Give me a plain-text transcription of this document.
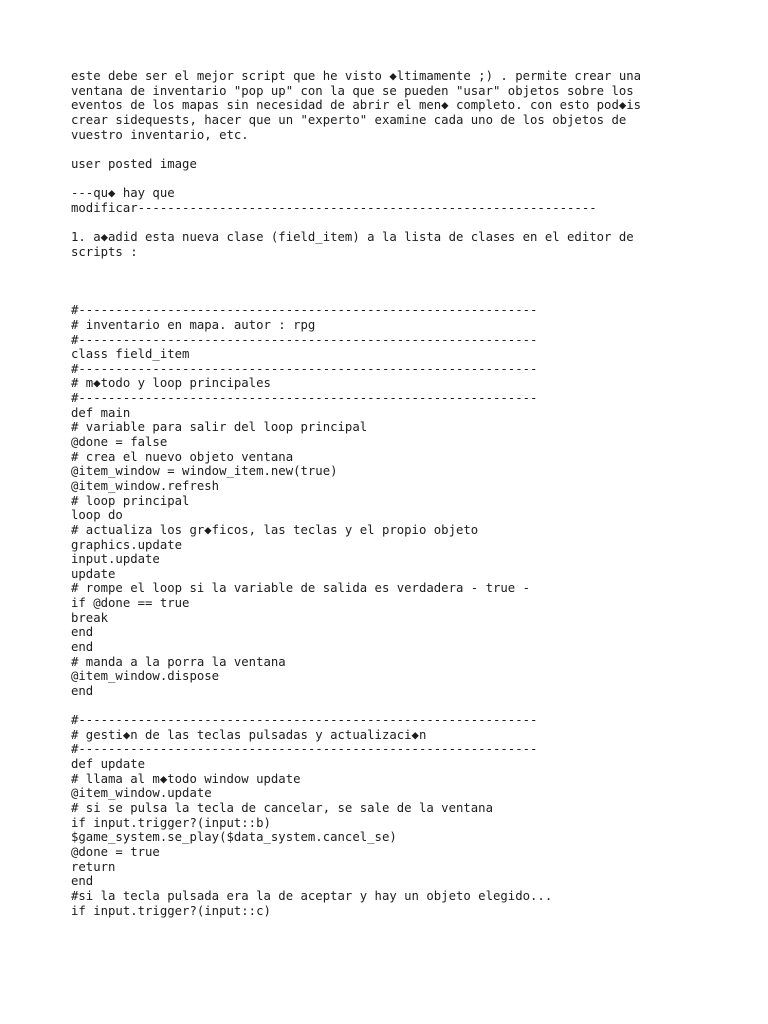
este debe ser el mejor script que he visto ◆ltimamente ;) . permite crear una
ventana de inventario "pop up" con la que se pueden "usar" objetos sobre los
eventos de los mapas sin necesidad de abrir el men◆ completo. con esto pod◆is
crear sidequests, hacer que un "experto" examine cada uno de los objetos de
vuestro inventario, etc.
user posted image
---qu◆ hay que
modificar--------------------------------------------------------------
1. a◆adid esta nueva clase (field_item) a la lista de clases en el editor de
scripts :
#--------------------------------------------------------------
# inventario en mapa. autor : rpg
#--------------------------------------------------------------
class field_item
#--------------------------------------------------------------
# m◆todo y loop principales
#--------------------------------------------------------------
def main
# variable para salir del loop principal
@done = false
# crea el nuevo objeto ventana
@item_window = window_item.new(true)
@item_window.refresh
# loop principal
loop do
# actualiza los gr◆ficos, las teclas y el propio objeto
graphics.update
input.update
update
# rompe el loop si la variable de salida es verdadera - true -
if @done == true
break
end
end
# manda a la porra la ventana
@item_window.dispose
end
#--------------------------------------------------------------
# gesti◆n de las teclas pulsadas y actualizaci◆n
#--------------------------------------------------------------
def update
# llama al m◆todo window update
@item_window.update
# si se pulsa la tecla de cancelar, se sale de la ventana
if input.trigger?(input::b)
$game_system.se_play($data_system.cancel_se)
@done = true
return
end
#si la tecla pulsada era la de aceptar y hay un objeto elegido...
if input.trigger?(input::c)
